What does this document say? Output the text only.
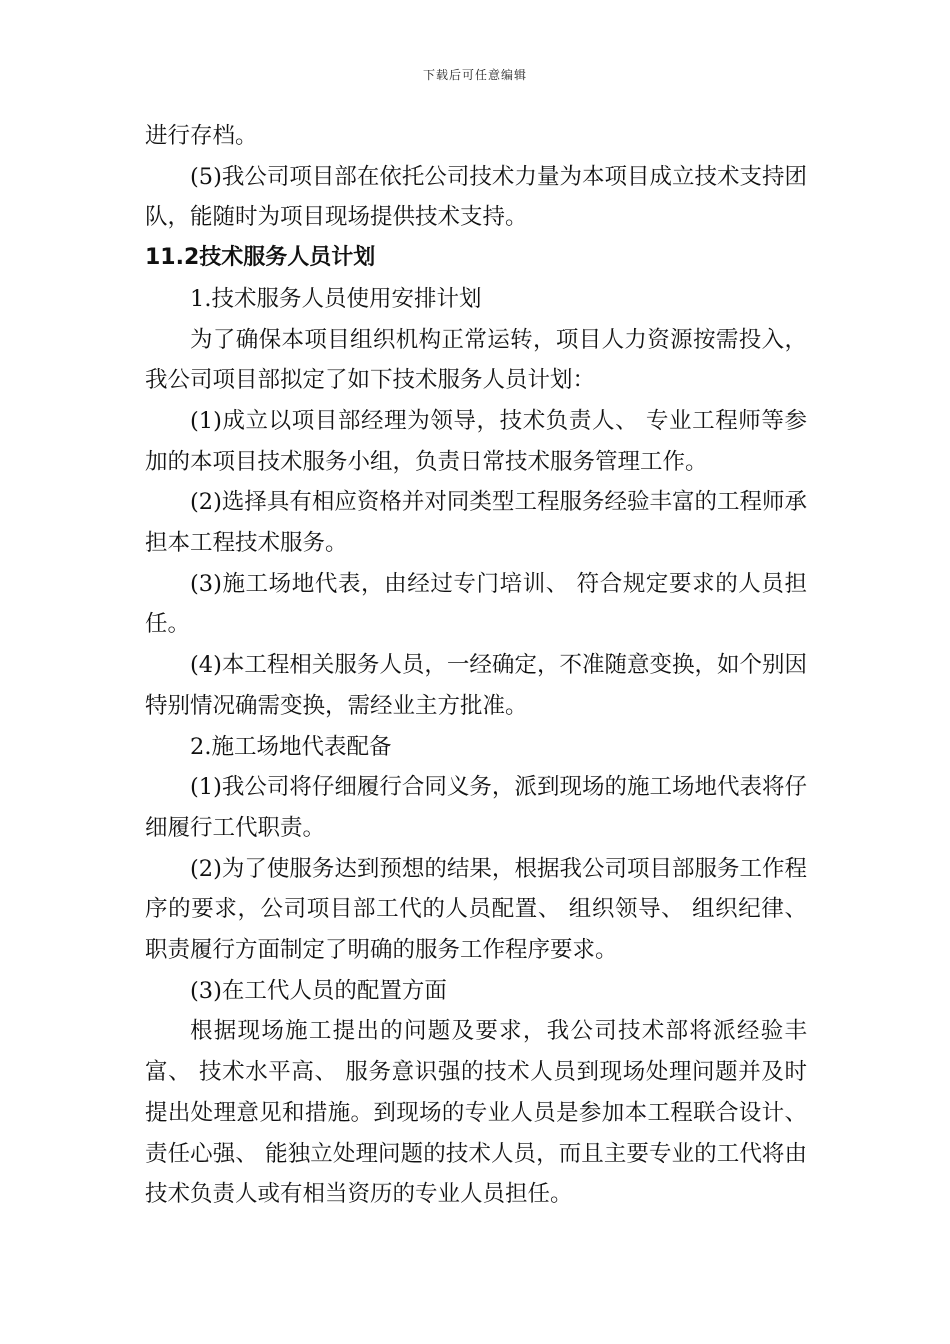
下载后可任意编辑

进行存档。

(5)我公司项目部在依托公司技术力量为本项目成立技术支持团队，能随时为项目现场提供技术支持。

11.2技术服务人员计划

1.技术服务人员使用安排计划

为了确保本项目组织机构正常运转，项目人力资源按需投入，我公司项目部拟定了如下技术服务人员计划：

(1)成立以项目部经理为领导，技术负责人、 专业工程师等参加的本项目技术服务小组，负责日常技术服务管理工作。

(2)选择具有相应资格并对同类型工程服务经验丰富的工程师承担本工程技术服务。

(3)施工场地代表，由经过专门培训、 符合规定要求的人员担任。

(4)本工程相关服务人员，一经确定，不准随意变换，如个别因特别情况确需变换，需经业主方批准。

2.施工场地代表配备

(1)我公司将仔细履行合同义务，派到现场的施工场地代表将仔细履行工代职责。

(2)为了使服务达到预想的结果，根据我公司项目部服务工作程序的要求，公司项目部工代的人员配置、 组织领导、 组织纪律、 职责履行方面制定了明确的服务工作程序要求。

(3)在工代人员的配置方面

根据现场施工提出的问题及要求，我公司技术部将派经验丰富、 技术水平高、 服务意识强的技术人员到现场处理问题并及时提出处理意见和措施。到现场的专业人员是参加本工程联合设计、 责任心强、 能独立处理问题的技术人员，而且主要专业的工代将由技术负责人或有相当资历的专业人员担任。
